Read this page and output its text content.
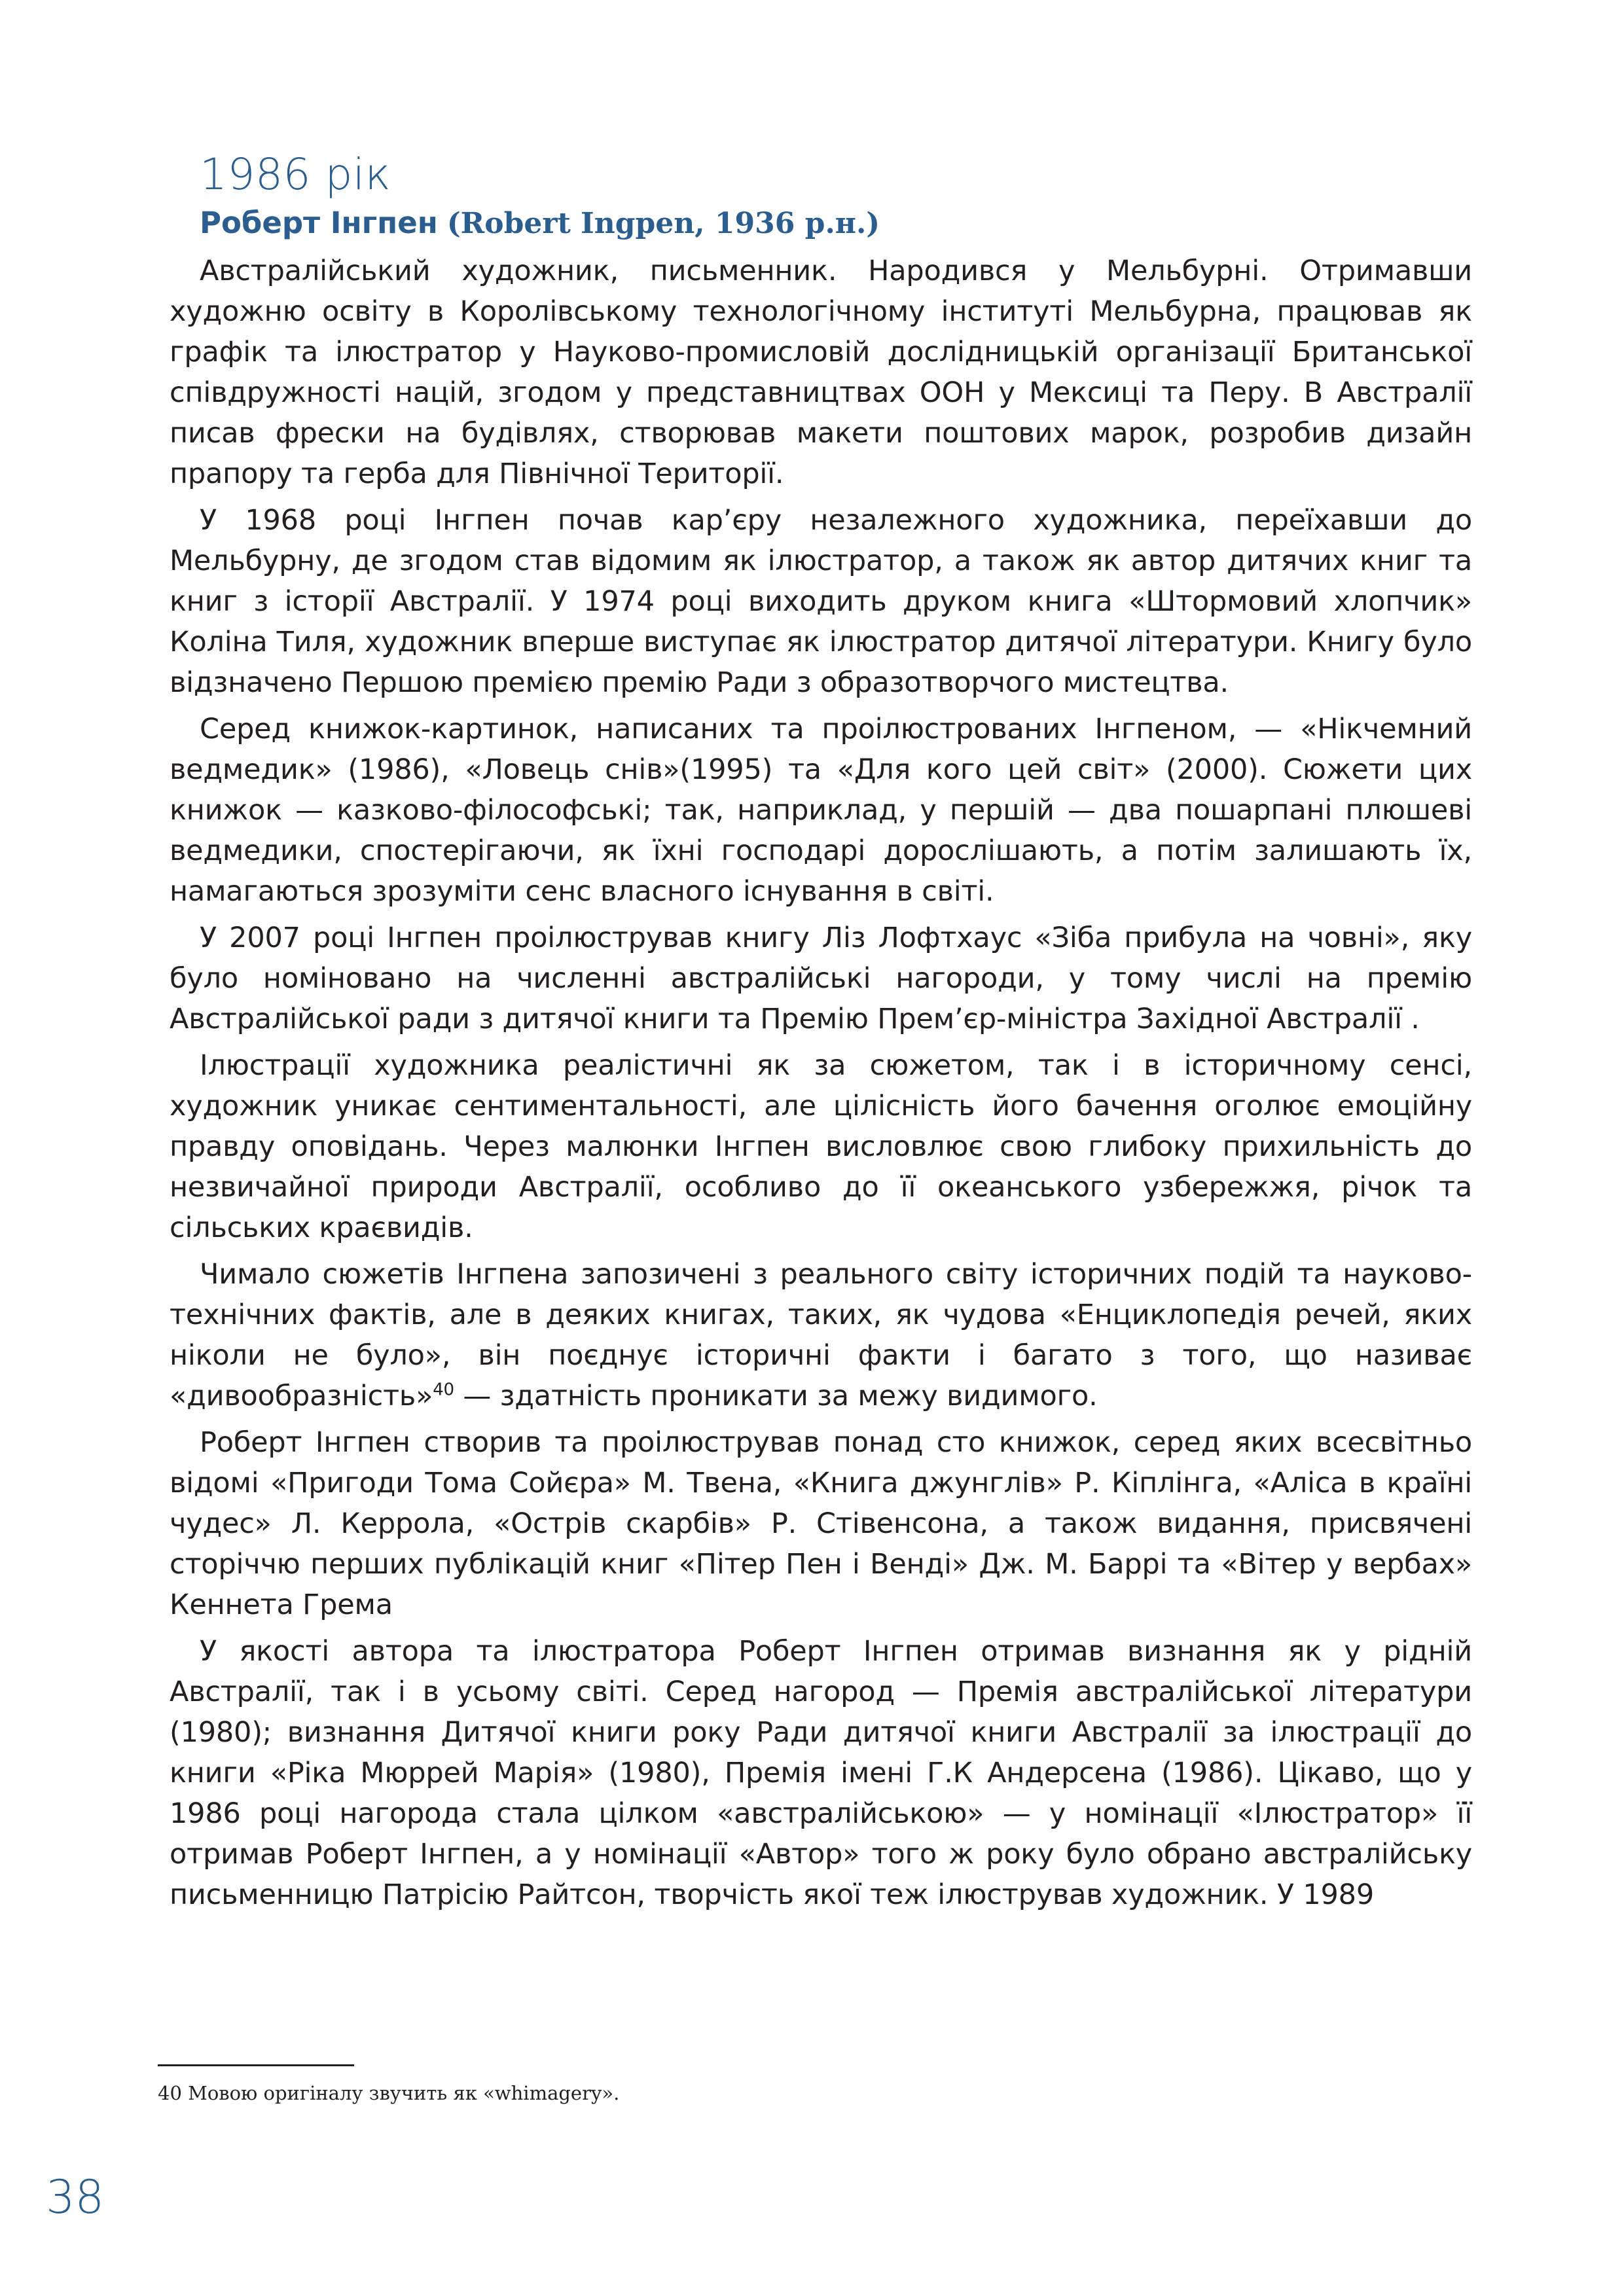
1986 рік
Роберт Інгпен (Robert Ingpen, 1936 р.н.)

Австралійський художник, письменник. Народився у Мельбурні. Отримавши художню освіту в Королівському технологічному інституті Мельбурна, працював як графік та ілюстратор у Науково-промисловій дослідницькій організації Британської співдружності націй, згодом у представництвах ООН у Мексиці та Перу. В Австралії писав фрески на будівлях, створював макети поштових марок, розробив дизайн прапору та герба для Північної Території.

У 1968 році Інгпен почав кар’єру незалежного художника, переїхавши до Мельбурну, де згодом став відомим як ілюстратор, а також як автор дитячих книг та книг з історії Австралії. У 1974 році виходить друком книга «Штормовий хлопчик» Коліна Тиля, художник вперше виступає як ілюстратор дитячої літератури. Книгу було відзначено Першою премією премію Ради з образотворчого мистецтва.

Серед книжок-картинок, написаних та проілюстрованих Інгпеном, — «Нікчемний ведмедик» (1986), «Ловець снів»(1995) та «Для кого цей світ» (2000). Сюжети цих книжок — казково-філософські; так, наприклад, у першій — два пошарпані плюшеві ведмедики, спостерігаючи, як їхні господарі дорослішають, а потім залишають їх, намагаються зрозуміти сенс власного існування в світі.

У 2007 році Інгпен проілюстрував книгу Ліз Лофтхаус «Зіба прибула на човні», яку було номіновано на численні австралійські нагороди, у тому числі на премію Австралійської ради з дитячої книги та Премію Прем’єр-міністра Західної Австралії .

Ілюстрації художника реалістичні як за сюжетом, так і в історичному сенсі, художник уникає сентиментальності, але цілісність його бачення оголює емоційну правду оповідань. Через малюнки Інгпен висловлює свою глибоку прихильність до незвичайної природи Австралії, особливо до її океанського узбережжя, річок та сільських краєвидів.

Чимало сюжетів Інгпена запозичені з реального світу історичних подій та науково-технічних фактів, але в деяких книгах, таких, як чудова «Енциклопедія речей, яких ніколи не було», він поєднує історичні факти і багато з того, що називає «дивообразність»$^{40}$ — здатність проникати за межу видимого.

Роберт Інгпен створив та проілюстрував понад сто книжок, серед яких всесвітньо відомі «Пригоди Тома Сойєра» М. Твена, «Книга джунглів» Р. Кіплінга, «Аліса в країні чудес» Л. Керрола, «Острів скарбів» Р. Стівенсона, а також видання, присвячені сторіччю перших публікацій книг «Пітер Пен і Венді» Дж. М. Баррі та «Вітер у вербах» Кеннета Грема

У якості автора та ілюстратора Роберт Інгпен отримав визнання як у рідній Австралії, так і в усьому світі. Серед нагород — Премія австралійської літератури (1980); визнання Дитячої книги року Ради дитячої книги Австралії за ілюстрації до книги «Ріка Мюррей Марія» (1980), Премія імені Г.К Андерсена (1986). Цікаво, що у 1986 році нагорода стала цілком «австралійською» — у номінації «Ілюстратор» її отримав Роберт Інгпен, а у номінації «Автор» того ж року було обрано австралійську письменницю Патрісію Райтсон, творчість якої теж ілюстрував художник. У 1989

40 Мовою оригіналу звучить як «whimagery».
38
